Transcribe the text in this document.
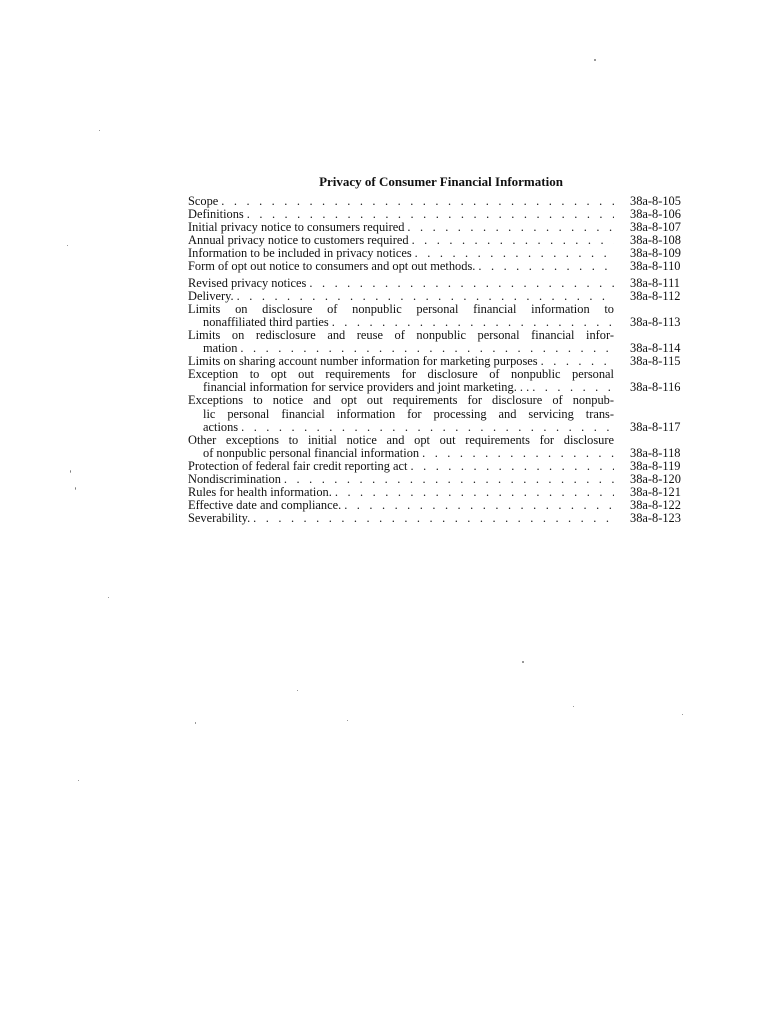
Privacy of Consumer Financial Information
Scope . . .	38a-8-105
Definitions . . .	38a-8-106
Initial privacy notice to consumers required . . .	38a-8-107
Annual privacy notice to customers required . . .	38a-8-108
Information to be included in privacy notices . . .	38a-8-109
Form of opt out notice to consumers and opt out methods. . . .	38a-8-110
Revised privacy notices . . .	38a-8-111
Delivery. . . .	38a-8-112
Limits on disclosure of nonpublic personal financial information to
nonaffiliated third parties . . .	38a-8-113
Limits on redisclosure and reuse of nonpublic personal financial infor-
mation . . .	38a-8-114
Limits on sharing account number information for marketing purposes . . .	38a-8-115
Exception to opt out requirements for disclosure of nonpublic personal
financial information for service providers and joint marketing. . . . . .	38a-8-116
Exceptions to notice and opt out requirements for disclosure of nonpub-
lic personal financial information for processing and servicing trans-
actions . . .	38a-8-117
Other exceptions to initial notice and opt out requirements for disclosure
of nonpublic personal financial information . . .	38a-8-118
Protection of federal fair credit reporting act . . .	38a-8-119
Nondiscrimination . . .	38a-8-120
Rules for health information. . . .	38a-8-121
Effective date and compliance. . . .	38a-8-122
Severability. . . .	38a-8-123
